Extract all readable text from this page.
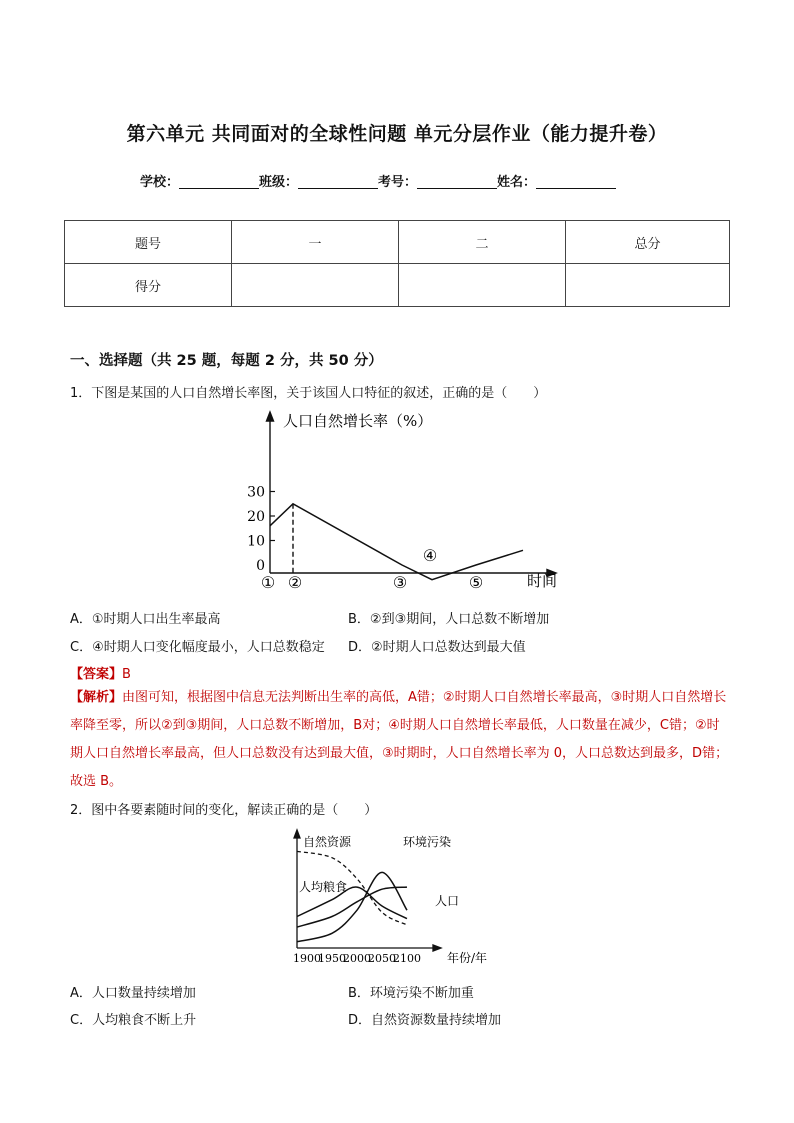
第六单元 共同面对的全球性问题 单元分层作业（能力提升卷）
学校：	班级：	考号：	姓名：
题号	一	二	总分
得分			
一、选择题（共 25 题，每题 2 分，共 50 分）
1．下图是某国的人口自然增长率图，关于该国人口特征的叙述，正确的是（　　）
人口自然增长率（%）
30
20
10
0
① ②	③
④
⑤	时间
A．①时期人口出生率最高	B．②到③期间，人口总数不断增加
C．④时期人口变化幅度最小，人口总数稳定 D．②时期人口总数达到最大值
【答案】B
【解析】由图可知，根据图中信息无法判断出生率的高低，A错；②时期人口自然增长率最高，③时期人口自然增长率降至零，所以②到③期间，人口总数不断增加，B对；④时期人口自然增长率最低，人口数量在减少，C错；②时期人口自然增长率最高，但人口总数没有达到最大值，③时期时，人口自然增长率为 0，人口总数达到最多，D错；故选 B。
2．图中各要素随时间的变化，解读正确的是（　　）
1900
1950
2000
2050
2100 年份/年
自然资源	环境污染
人均粮食
人口
A．人口数量持续增加	B．环境污染不断加重
C．人均粮食不断上升	D．自然资源数量持续增加
